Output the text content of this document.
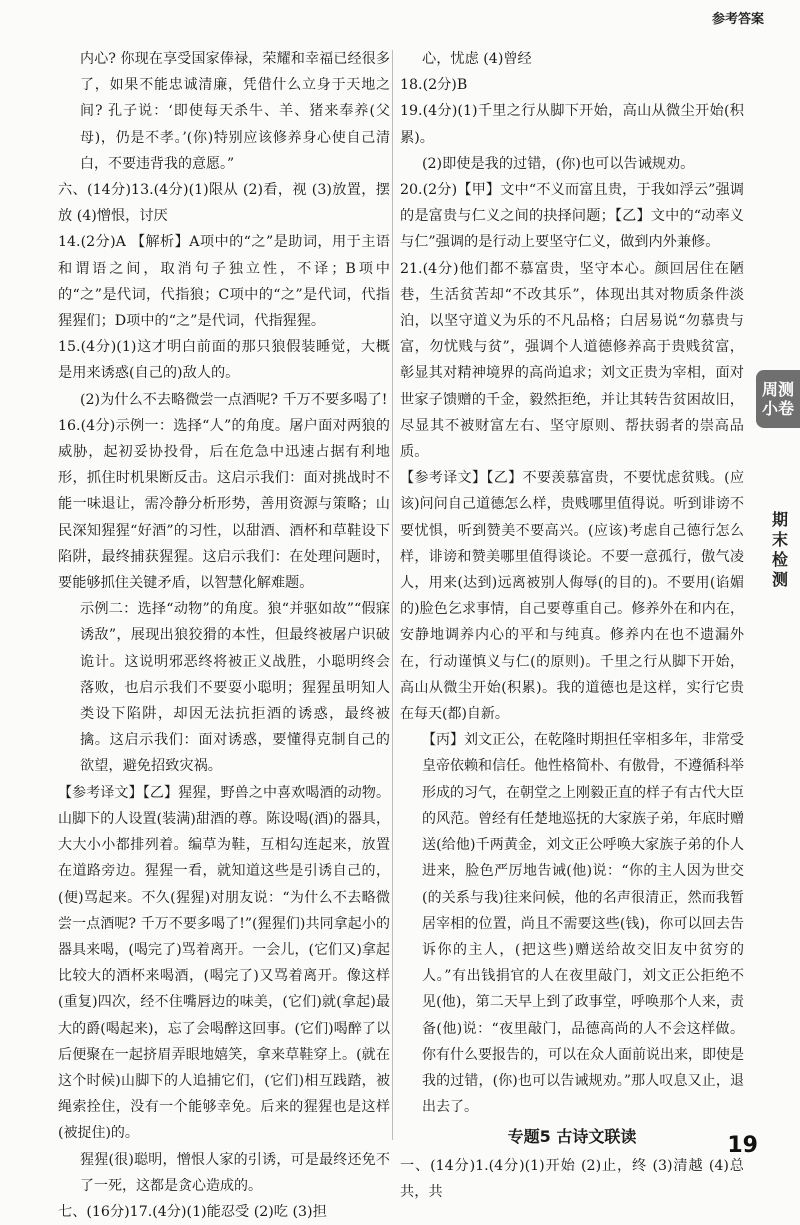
参考答案

内心? 你现在享受国家俸禄，荣耀和幸福已经很多了，如果不能忠诚清廉，凭借什么立身于天地之间? 孔子说：‘即使每天杀牛、羊、猪来奉养(父母)，仍是不孝。’(你)特别应该修养身心使自己清白，不要违背我的意愿。”

六、(14分)13.(4分)(1)限从 (2)看，视 (3)放置，摆放 (4)憎恨，讨厌

14.(2分)A 【解析】A项中的“之”是助词，用于主语和谓语之间，取消句子独立性，不译；B项中的“之”是代词，代指狼；C项中的“之”是代词，代指猩猩们；D项中的“之”是代词，代指猩猩。

15.(4分)(1)这才明白前面的那只狼假装睡觉，大概是用来诱惑(自己的)敌人的。

(2)为什么不去略微尝一点酒呢? 千万不要多喝了!

16.(4分)示例一：选择“人”的角度。屠户面对两狼的威胁，起初妥协投骨，后在危急中迅速占据有利地形，抓住时机果断反击。这启示我们：面对挑战时不能一味退让，需冷静分析形势，善用资源与策略；山民深知猩猩“好酒”的习性，以甜酒、酒杯和草鞋设下陷阱，最终捕获猩猩。这启示我们：在处理问题时，要能够抓住关键矛盾，以智慧化解难题。

示例二：选择“动物”的角度。狼“并驱如故”“假寐诱敌”，展现出狼狡猾的本性，但最终被屠户识破诡计。这说明邪恶终将被正义战胜，小聪明终会落败，也启示我们不要耍小聪明；猩猩虽明知人类设下陷阱，却因无法抗拒酒的诱惑，最终被擒。这启示我们：面对诱惑，要懂得克制自己的欲望，避免招致灾祸。

【参考译文】【乙】猩猩，野兽之中喜欢喝酒的动物。山脚下的人设置(装满)甜酒的尊。陈设喝(酒)的器具，大大小小都排列着。编草为鞋，互相勾连起来，放置在道路旁边。猩猩一看，就知道这些是引诱自己的，(便)骂起来。不久(猩猩)对朋友说：“为什么不去略微尝一点酒呢? 千万不要多喝了!”(猩猩们)共同拿起小的器具来喝，(喝完了)骂着离开。一会儿，(它们又)拿起比较大的酒杯来喝酒，(喝完了)又骂着离开。像这样(重复)四次，经不住嘴唇边的味美，(它们)就(拿起)最大的爵(喝起来)，忘了会喝醉这回事。(它们)喝醉了以后便聚在一起挤眉弄眼地嬉笑，拿来草鞋穿上。(就在这个时候)山脚下的人追捕它们，(它们)相互践踏，被绳索拴住，没有一个能够幸免。后来的猩猩也是这样(被捉住)的。

猩猩(很)聪明，憎恨人家的引诱，可是最终还免不了一死，这都是贪心造成的。

七、(16分)17.(4分)(1)能忍受 (2)吃 (3)担

心，忧虑 (4)曾经

18.(2分)B

19.(4分)(1)千里之行从脚下开始，高山从微尘开始(积累)。

(2)即使是我的过错，(你)也可以告诫规劝。

20.(2分)【甲】文中“不义而富且贵，于我如浮云”强调的是富贵与仁义之间的抉择问题；【乙】文中的“动率义与仁”强调的是行动上要坚守仁义，做到内外兼修。

21.(4分)他们都不慕富贵，坚守本心。颜回居住在陋巷，生活贫苦却“不改其乐”，体现出其对物质条件淡泊，以坚守道义为乐的不凡品格；白居易说“勿慕贵与富，勿忧贱与贫”，强调个人道德修养高于贵贱贫富，彰显其对精神境界的高尚追求；刘文正贵为宰相，面对世家子馈赠的千金，毅然拒绝，并让其转告贫困故旧，尽显其不被财富左右、坚守原则、帮扶弱者的崇高品质。

【参考译文】【乙】不要羡慕富贵，不要忧虑贫贱。(应该)问问自己道德怎么样，贵贱哪里值得说。听到诽谤不要忧惧，听到赞美不要高兴。(应该)考虑自己德行怎么样，诽谤和赞美哪里值得谈论。不要一意孤行，傲气凌人，用来(达到)远离被别人侮辱(的目的)。不要用(谄媚的)脸色乞求事情，自己要尊重自己。修养外在和内在，安静地调养内心的平和与纯真。修养内在也不遗漏外在，行动谨慎义与仁(的原则)。千里之行从脚下开始，高山从微尘开始(积累)。我的道德也是这样，实行它贵在每天(都)自新。

【丙】刘文正公，在乾隆时期担任宰相多年，非常受皇帝依赖和信任。他性格简朴、有傲骨，不遵循科举形成的习气，在朝堂之上刚毅正直的样子有古代大臣的风范。曾经有任楚地巡抚的大家族子弟，年底时赠送(给他)千两黄金，刘文正公呼唤大家族子弟的仆人进来，脸色严厉地告诫(他)说：“你的主人因为世交(的关系与我)往来问候，他的名声很清正，然而我暂居宰相的位置，尚且不需要这些(钱)，你可以回去告诉你的主人，(把这些)赠送给故交旧友中贫穷的人。”有出钱捐官的人在夜里敲门，刘文正公拒绝不见(他)，第二天早上到了政事堂，呼唤那个人来，责备(他)说：“夜里敲门，品德高尚的人不会这样做。你有什么要报告的，可以在众人面前说出来，即使是我的过错，(你)也可以告诫规劝。”那人叹息又止，退出去了。

专题5 古诗文联读

一、(14分)1.(4分)(1)开始 (2)止，终 (3)清越 (4)总共，共

周测小卷
期末检测
19
